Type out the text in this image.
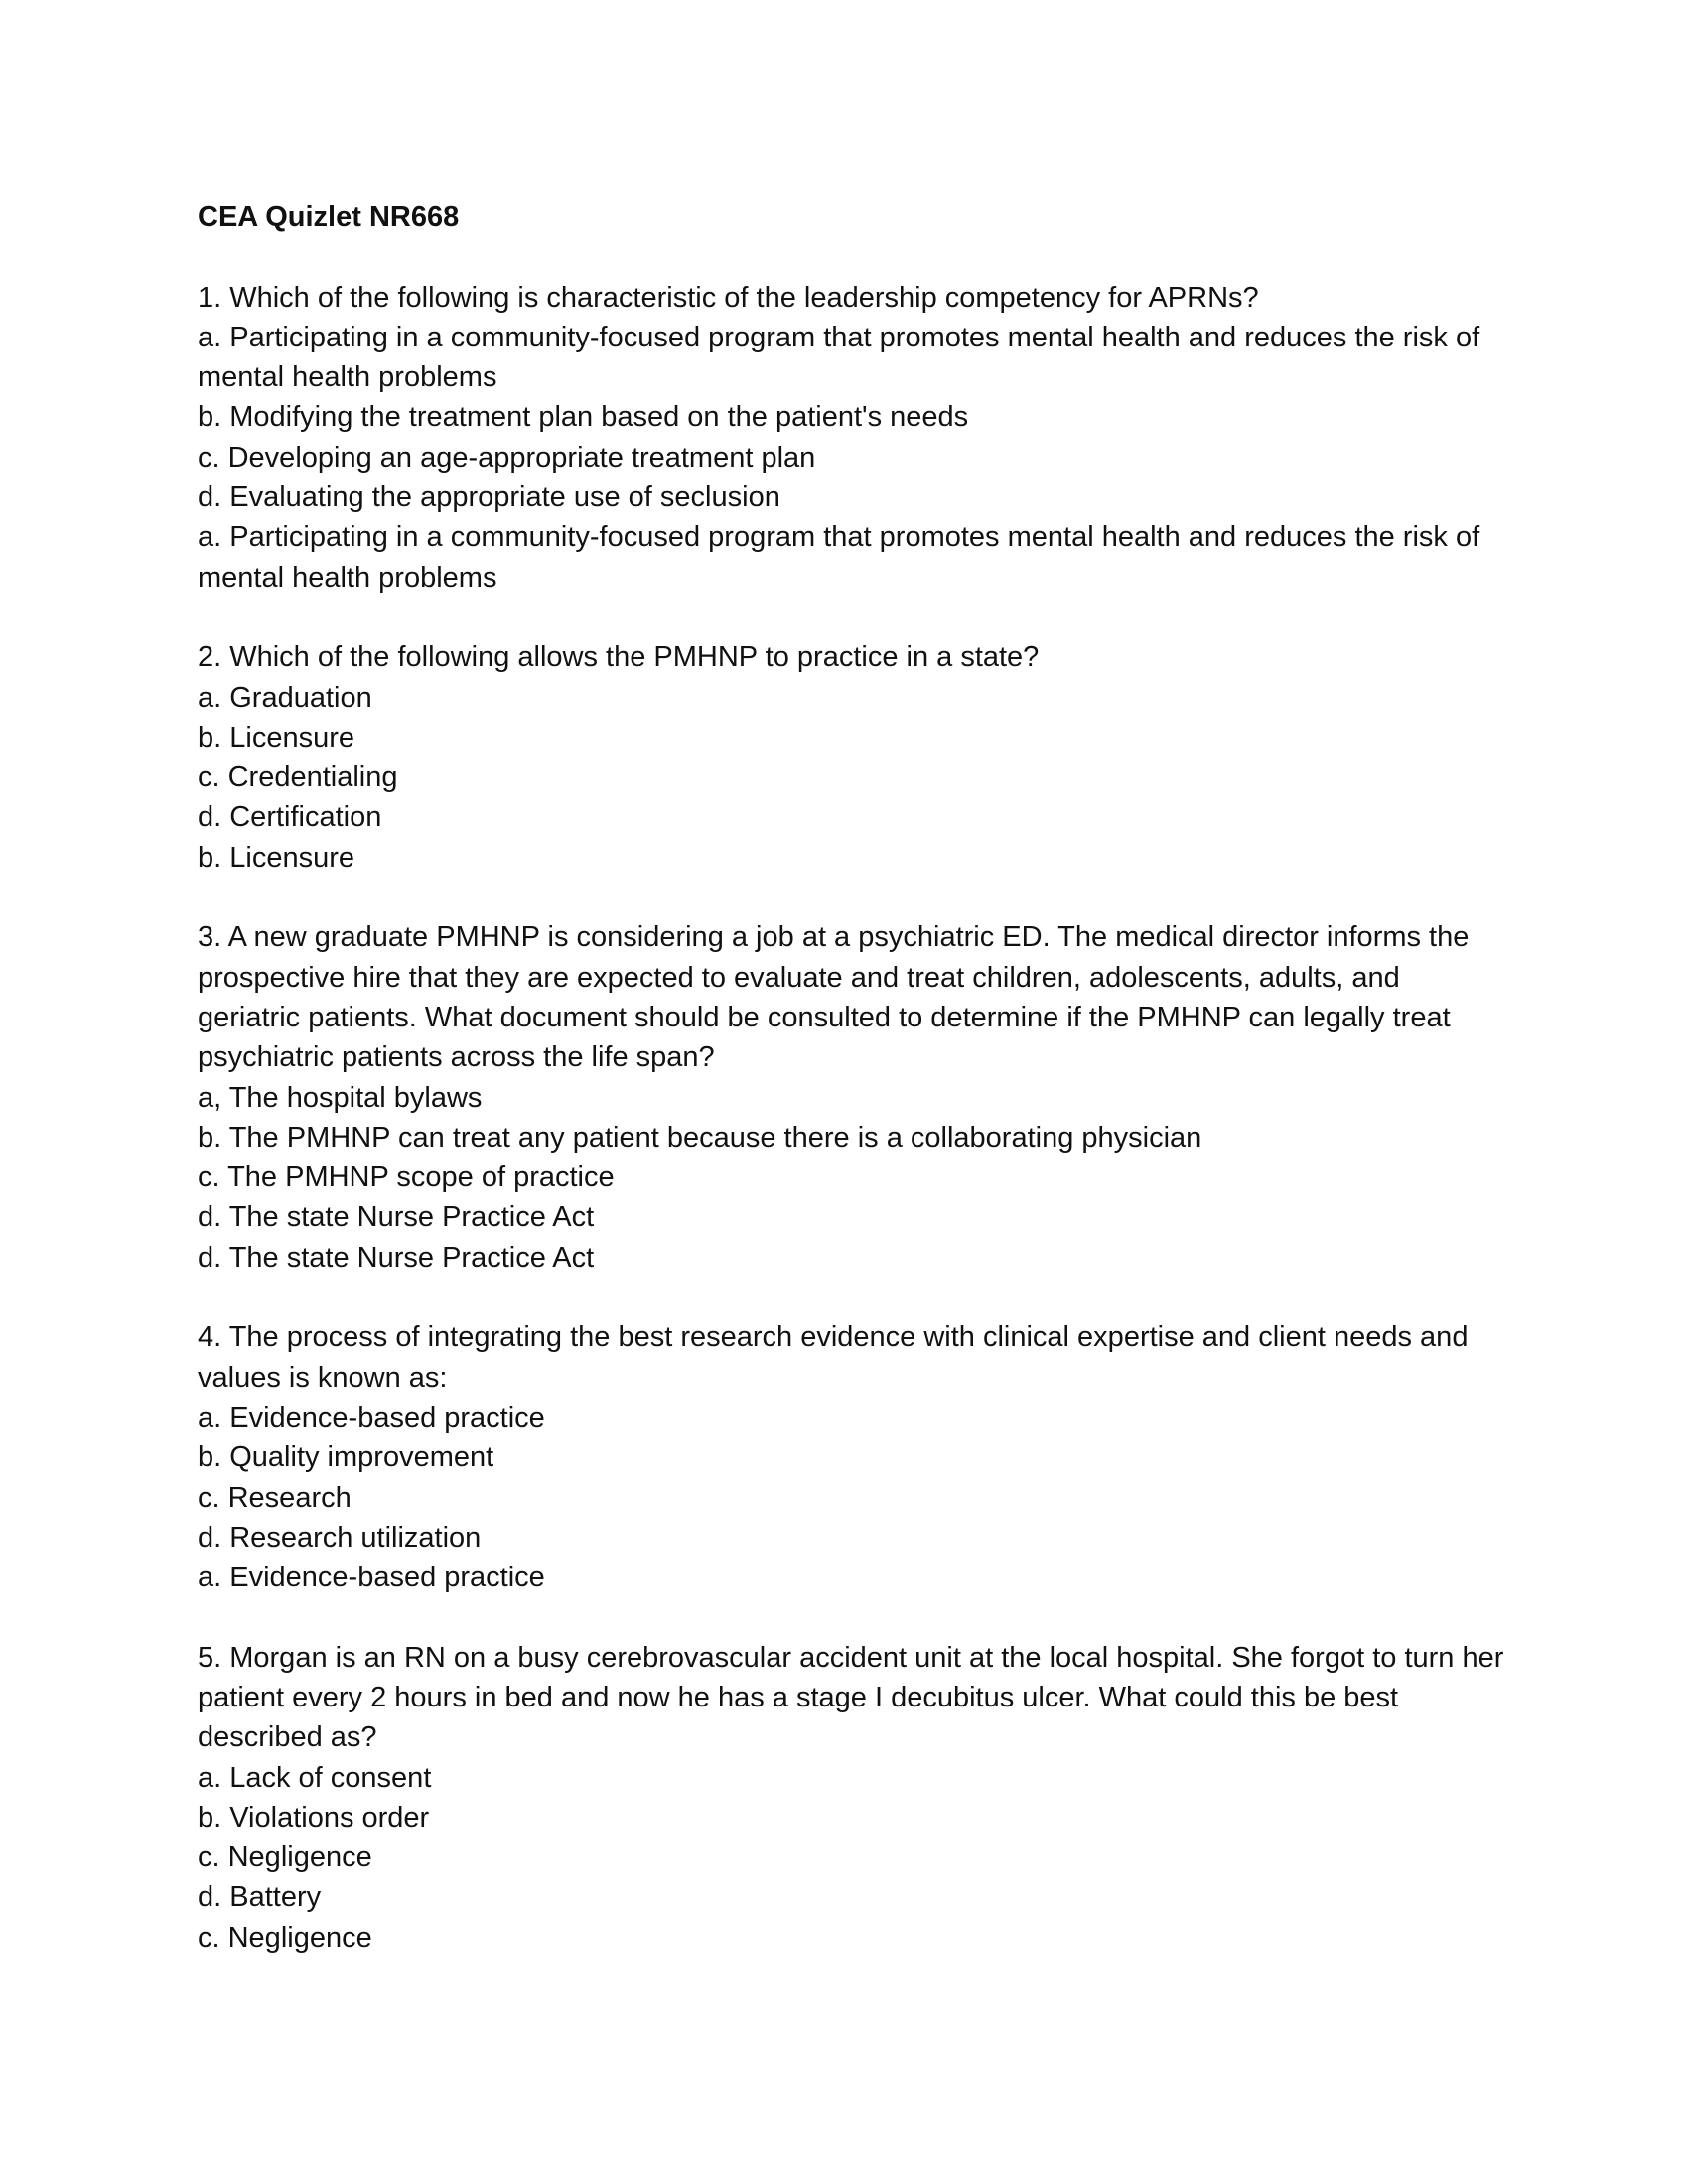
CEA Quizlet NR668
1. Which of the following is characteristic of the leadership competency for APRNs?
a. Participating in a community-focused program that promotes mental health and reduces the risk of mental health problems
b. Modifying the treatment plan based on the patient's needs
c. Developing an age-appropriate treatment plan
d. Evaluating the appropriate use of seclusion
a. Participating in a community-focused program that promotes mental health and reduces the risk of mental health problems
2. Which of the following allows the PMHNP to practice in a state?
a. Graduation
b. Licensure
c. Credentialing
d. Certification
b. Licensure
3. A new graduate PMHNP is considering a job at a psychiatric ED. The medical director informs the prospective hire that they are expected to evaluate and treat children, adolescents, adults, and geriatric patients. What document should be consulted to determine if the PMHNP can legally treat psychiatric patients across the life span?
a, The hospital bylaws
b. The PMHNP can treat any patient because there is a collaborating physician
c. The PMHNP scope of practice
d. The state Nurse Practice Act
d. The state Nurse Practice Act
4. The process of integrating the best research evidence with clinical expertise and client needs and values is known as:
a. Evidence-based practice
b. Quality improvement
c. Research
d. Research utilization
a. Evidence-based practice
5. Morgan is an RN on a busy cerebrovascular accident unit at the local hospital. She forgot to turn her patient every 2 hours in bed and now he has a stage I decubitus ulcer. What could this be best described as?
a. Lack of consent
b. Violations order
c. Negligence
d. Battery
c. Negligence
